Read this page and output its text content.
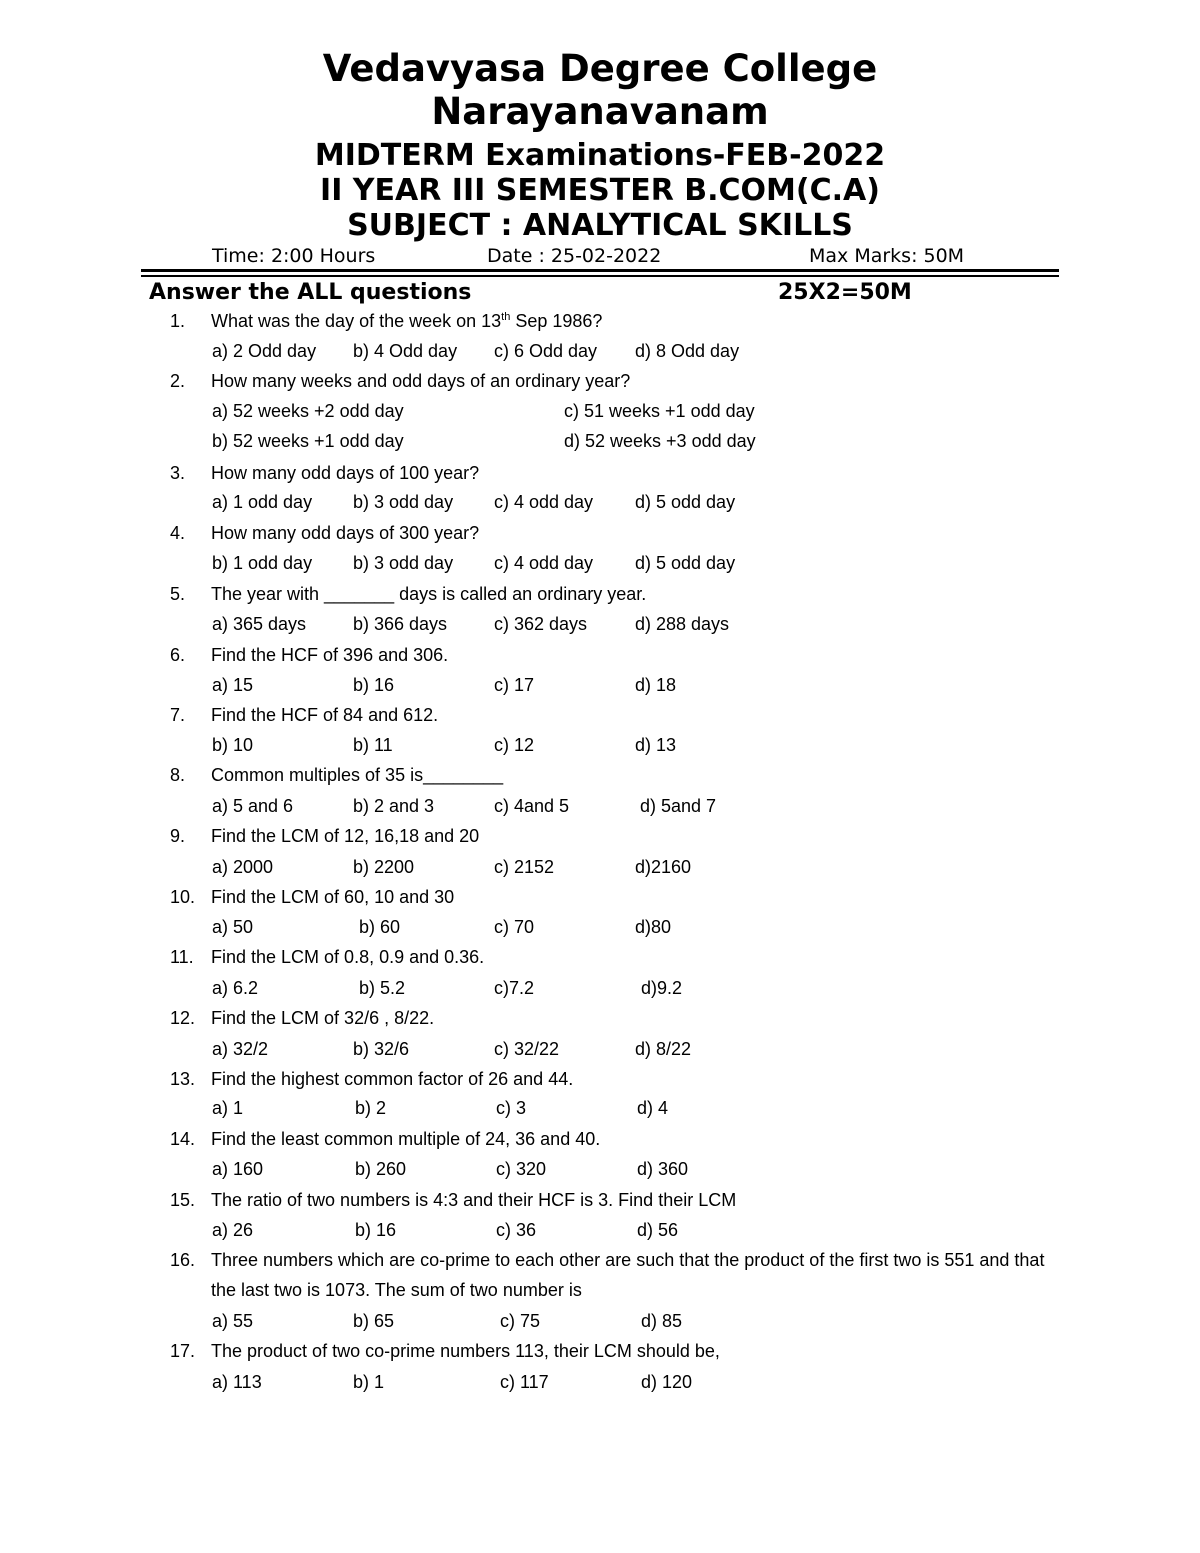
Vedavyasa Degree College
Narayanavanam
MIDTERM Examinations-FEB-2022
II YEAR III SEMESTER B.COM(C.A)
SUBJECT : ANALYTICAL SKILLS
Time: 2:00 Hours	Date : 25-02-2022	Max Marks: 50M
Answer the ALL questions	25X2=50M
1. What was the day of the week on 13th Sep 1986?
a) 2 Odd day b) 4 Odd day c) 6 Odd day d) 8 Odd day
2. How many weeks and odd days of an ordinary year?
a) 52 weeks +2 odd day	c) 51 weeks +1 odd day
b) 52 weeks +1 odd day	d) 52 weeks +3 odd day
3. How many odd days of 100 year?
a) 1 odd day b) 3 odd day c) 4 odd day d) 5 odd day
4. How many odd days of 300 year?
b) 1 odd day b) 3 odd day c) 4 odd day d) 5 odd day
5. The year with _______ days is called an ordinary year.
a) 365 days	b) 366 days	c) 362 days	d) 288 days
6. Find the HCF of 396 and 306.
a) 15	b) 16	c) 17	d) 18
7. Find the HCF of 84 and 612.
b) 10	b) 11	c) 12	d) 13
8. Common multiples of 35 is________
a) 5 and 6	b) 2 and 3	c) 4and 5	d) 5and 7
9. Find the LCM of 12, 16,18 and 20
a) 2000	b) 2200	c) 2152	d)2160
10. Find the LCM of 60, 10 and 30
a) 50	b) 60	c) 70	d)80
11. Find the LCM of 0.8, 0.9 and 0.36.
a) 6.2	b) 5.2	c)7.2	d)9.2
12. Find the LCM of 32/6 , 8/22.
a) 32/2	b) 32/6	c) 32/22	d) 8/22
13. Find the highest common factor of 26 and 44.
a) 1	b) 2	c) 3	d) 4
14. Find the least common multiple of 24, 36 and 40.
a) 160	b) 260	c) 320	d) 360
15. The ratio of two numbers is 4:3 and their HCF is 3. Find their LCM
a) 26	b) 16	c) 36	d) 56
16. Three numbers which are co-prime to each other are such that the product of the first two is 551 and that the last two is 1073. The sum of two number is
a) 55	b) 65	c) 75	d) 85
17. The product of two co-prime numbers 113, their LCM should be,
a) 113	b) 1	c) 117	d) 120
